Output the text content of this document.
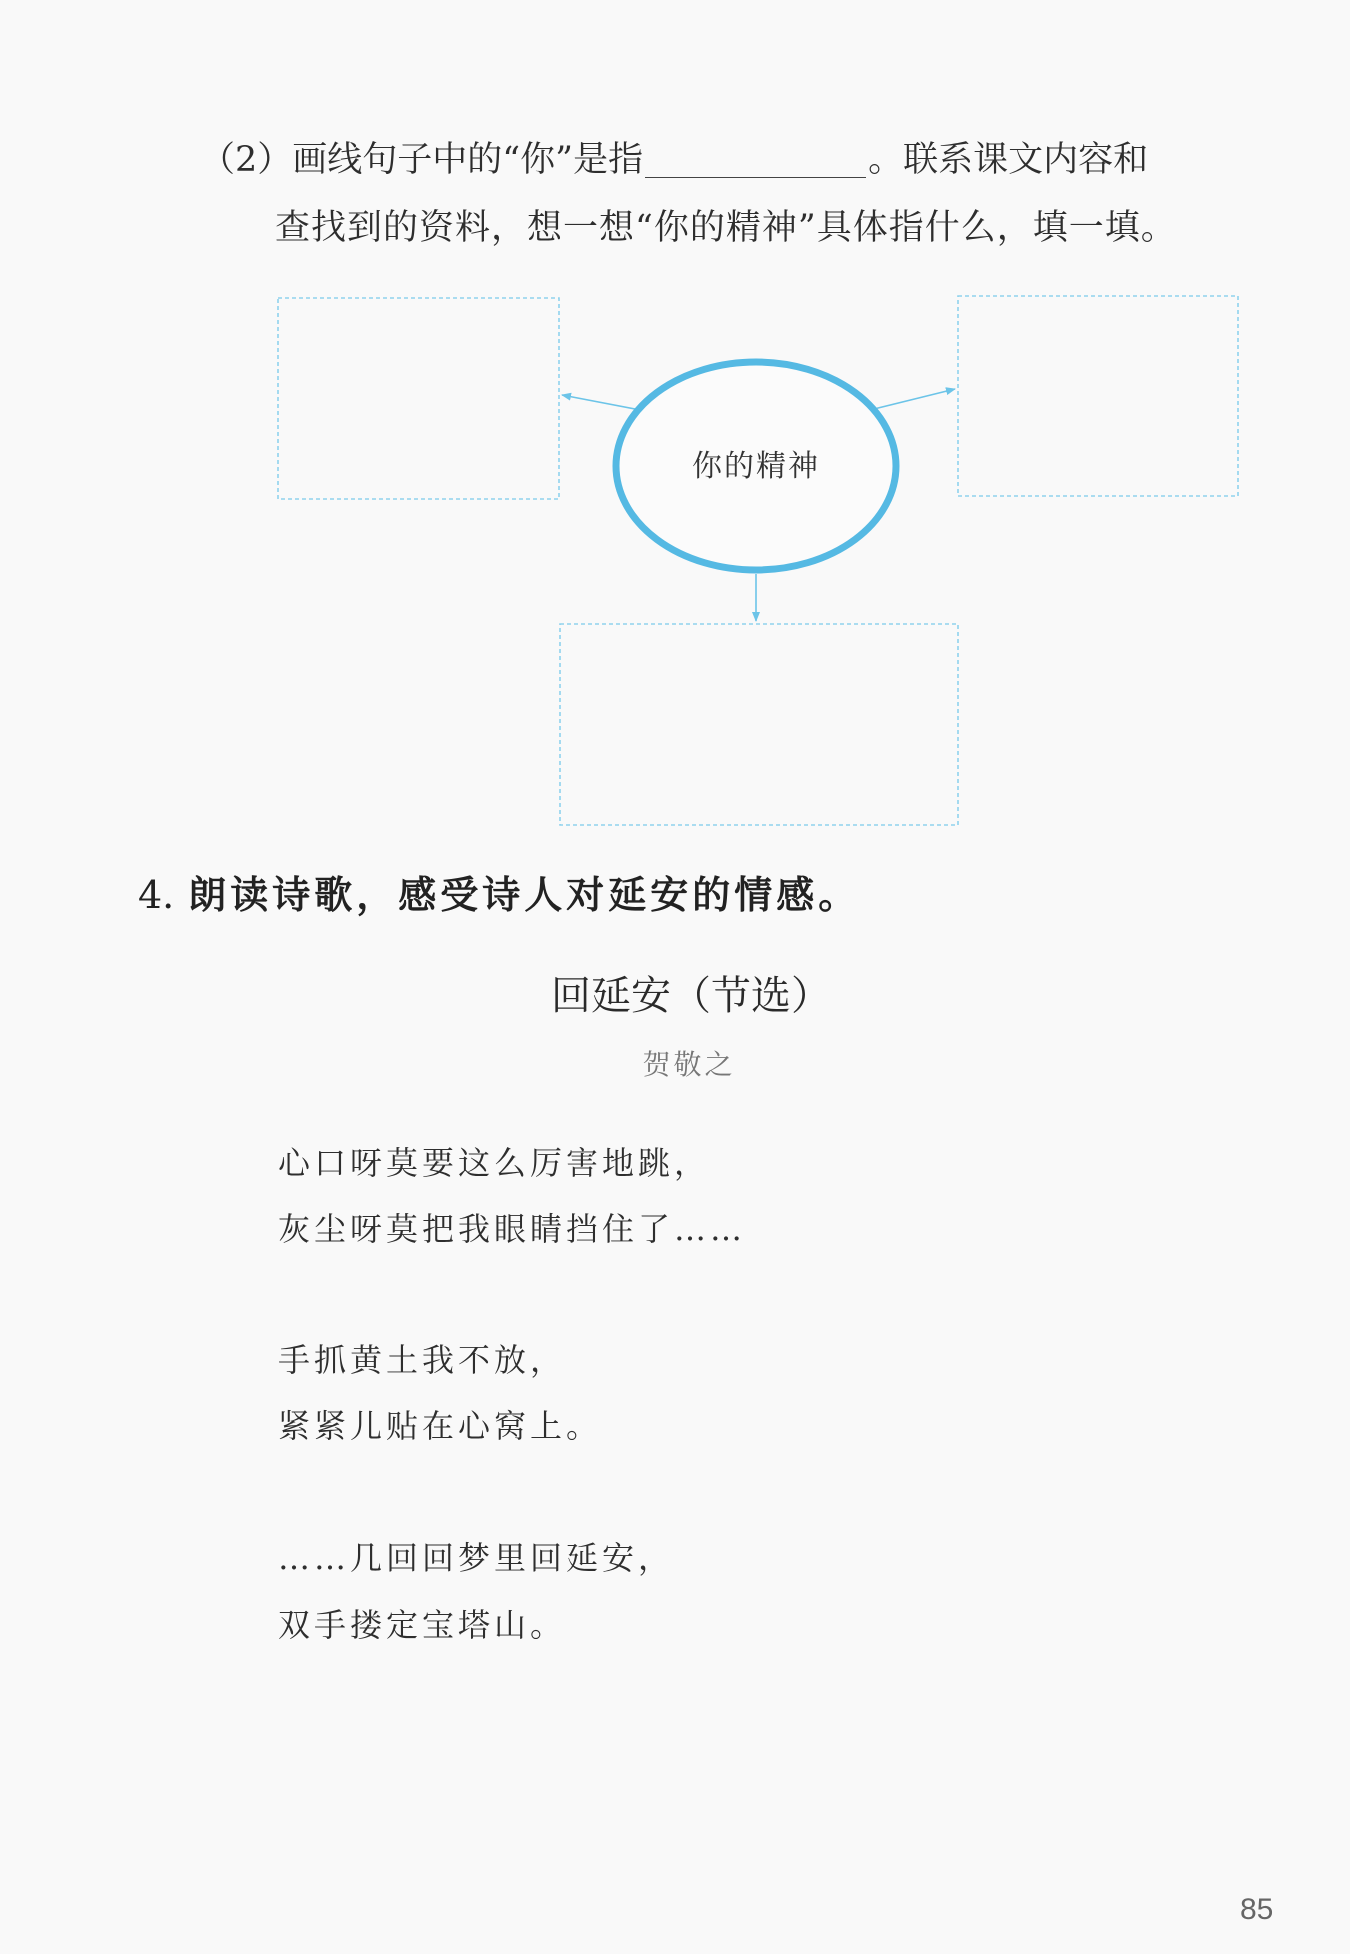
（2） 画线句子中的“你”是指	。联系课文内容和
查找到的资料，想一想“你的精神”具体指什么，填一填。
你的精神
4. 朗读诗歌，感受诗人对延安的情感。
回延安（节选）
贺敬之
心口呀莫要这么厉害地跳，
灰尘呀莫把我眼睛挡住了……
手抓黄土我不放，
紧紧儿贴在心窝上。
……几回回梦里回延安，
双手搂定宝塔山。
85
